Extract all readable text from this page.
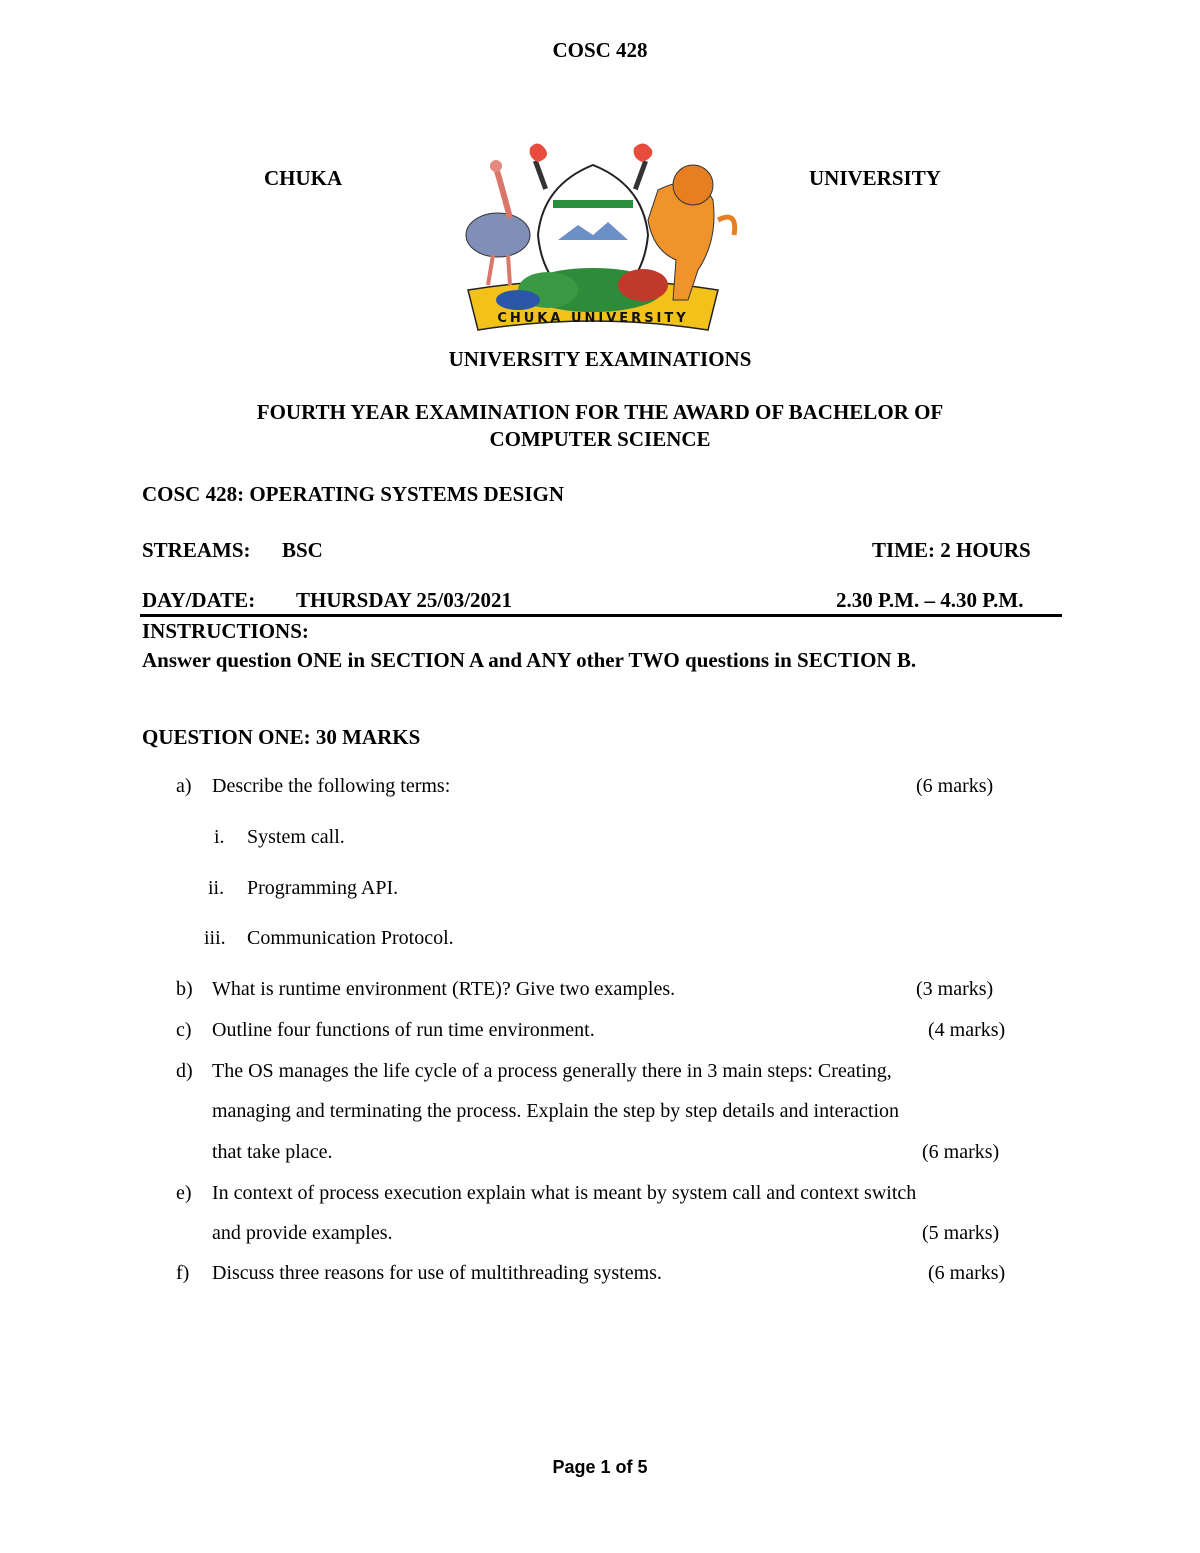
COSC 428
CHUKA	UNIVERSITY
CHUKA UNIVERSITY
UNIVERSITY EXAMINATIONS
FOURTH YEAR EXAMINATION FOR THE AWARD OF BACHELOR OF
COMPUTER SCIENCE
COSC 428: OPERATING SYSTEMS DESIGN
STREAMS: BSC	TIME: 2 HOURS
DAY/DATE: THURSDAY 25/03/2021	2.30 P.M. – 4.30 P.M.
INSTRUCTIONS:
Answer question ONE in SECTION A and ANY other TWO questions in SECTION B.
QUESTION ONE: 30 MARKS
a) Describe the following terms:	(6 marks)
i. System call.
ii. Programming API.
iii. Communication Protocol.
b) What is runtime environment (RTE)? Give two examples.	(3 marks)
c) Outline four functions of run time environment.	(4 marks)
d) The OS manages the life cycle of a process generally there in 3 main steps: Creating,
managing and terminating the process. Explain the step by step details and interaction
that take place.	(6 marks)
e) In context of process execution explain what is meant by system call and context switch
and provide examples.	(5 marks)
f) Discuss three reasons for use of multithreading systems.	(6 marks)
Page 1 of 5
